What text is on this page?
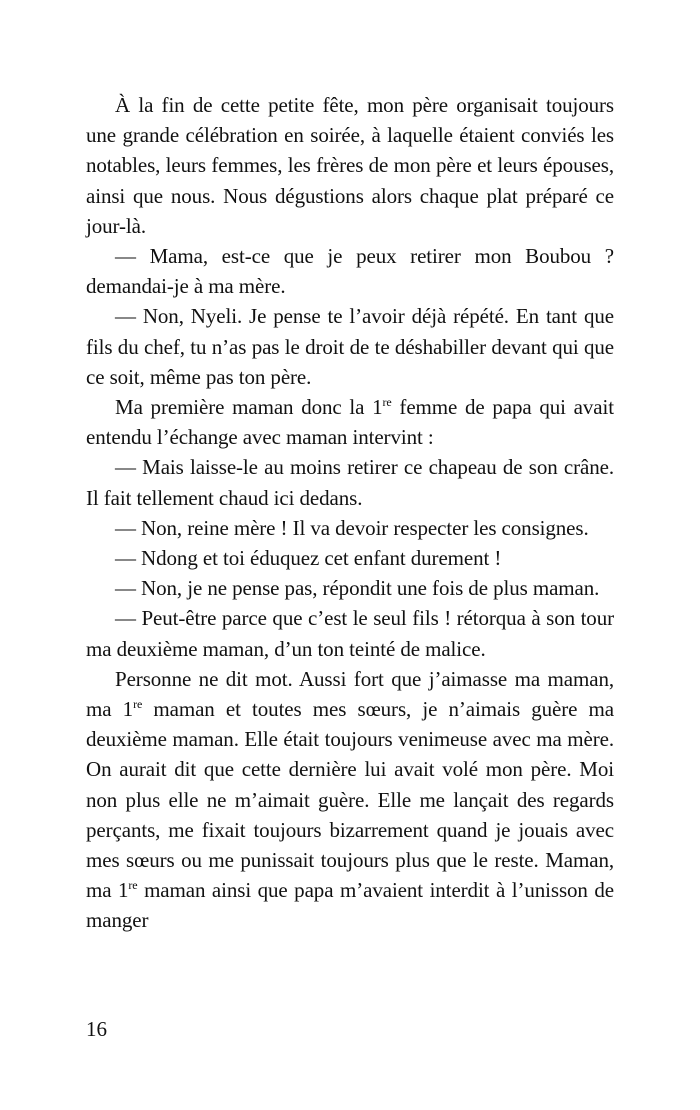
À la fin de cette petite fête, mon père organisait toujours une grande célébration en soirée, à laquelle étaient conviés les notables, leurs femmes, les frères de mon père et leurs épouses, ainsi que nous. Nous dégustions alors chaque plat préparé ce jour-là.

— Mama, est-ce que je peux retirer mon Boubou ? demandai-je à ma mère.

— Non, Nyeli. Je pense te l’avoir déjà répété. En tant que fils du chef, tu n’as pas le droit de te déshabiller devant qui que ce soit, même pas ton père.

Ma première maman donc la 1re femme de papa qui avait entendu l’échange avec maman intervint :

— Mais laisse-le au moins retirer ce chapeau de son crâne. Il fait tellement chaud ici dedans.

— Non, reine mère ! Il va devoir respecter les consignes.

— Ndong et toi éduquez cet enfant durement !

— Non, je ne pense pas, répondit une fois de plus maman.

— Peut-être parce que c’est le seul fils ! rétorqua à son tour ma deuxième maman, d’un ton teinté de malice.

Personne ne dit mot. Aussi fort que j’aimasse ma maman, ma 1re maman et toutes mes sœurs, je n’aimais guère ma deuxième maman. Elle était toujours venimeuse avec ma mère. On aurait dit que cette dernière lui avait volé mon père. Moi non plus elle ne m’aimait guère. Elle me lançait des regards perçants, me fixait toujours bizarrement quand je jouais avec mes sœurs ou me punissait toujours plus que le reste. Maman, ma 1re maman ainsi que papa m’avaient interdit à l’unisson de manger

16
